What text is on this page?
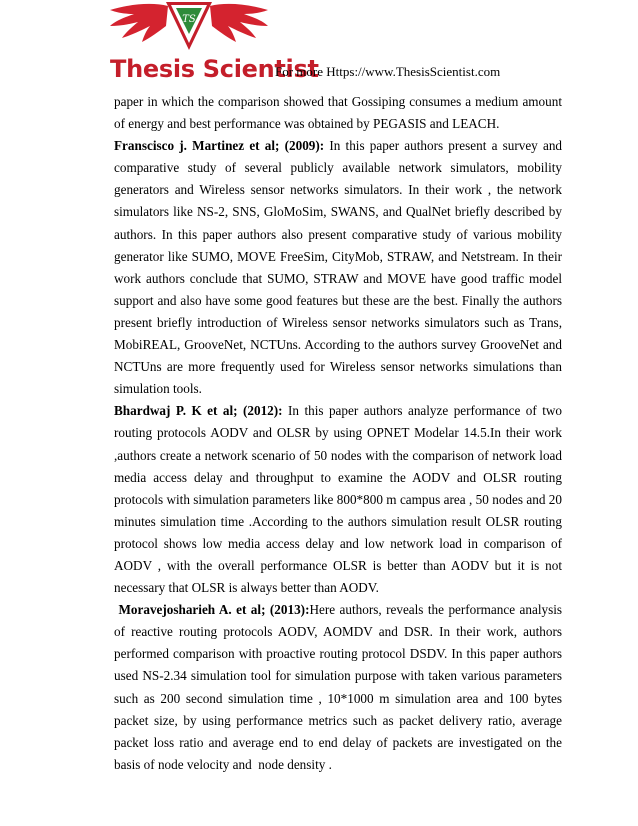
TS
Thesis Scientist
For more Https://www.ThesisScientist.com

paper in which the comparison showed that Gossiping consumes a medium amount of energy and best performance was obtained by PEGASIS and LEACH.

Franscisco j. Martinez et al; (2009): In this paper authors present a survey and comparative study of several publicly available network simulators, mobility generators and Wireless sensor networks simulators. In their work , the network simulators like NS-2, SNS, GloMoSim, SWANS, and QualNet briefly described by authors. In this paper authors also present comparative study of various mobility generator like SUMO, MOVE FreeSim, CityMob, STRAW, and Netstream. In their work authors conclude that SUMO, STRAW and MOVE have good traffic model support and also have some good features but these are the best. Finally the authors present briefly introduction of Wireless sensor networks simulators such as Trans, MobiREAL, GrooveNet, NCTUns. According to the authors survey GrooveNet and NCTUns are more frequently used for Wireless sensor networks simulations than simulation tools.

Bhardwaj P. K et al; (2012): In this paper authors analyze performance of two routing protocols AODV and OLSR by using OPNET Modelar 14.5.In their work ,authors create a network scenario of 50 nodes with the comparison of network load media access delay and throughput to examine the AODV and OLSR routing protocols with simulation parameters like 800*800 m campus area , 50 nodes and 20 minutes simulation time .According to the authors simulation result OLSR routing protocol shows low media access delay and low network load in comparison of AODV , with the overall performance OLSR is better than AODV but it is not necessary that OLSR is always better than AODV.

Moravejosharieh A. et al; (2013):Here authors, reveals the performance analysis of reactive routing protocols AODV, AOMDV and DSR. In their work, authors performed comparison with proactive routing protocol DSDV. In this paper authors used NS-2.34 simulation tool for simulation purpose with taken various parameters such as 200 second simulation time , 10*1000 m simulation area and 100 bytes packet size, by using performance metrics such as packet delivery ratio, average packet loss ratio and average end to end delay of packets are investigated on the basis of node velocity and  node density .
